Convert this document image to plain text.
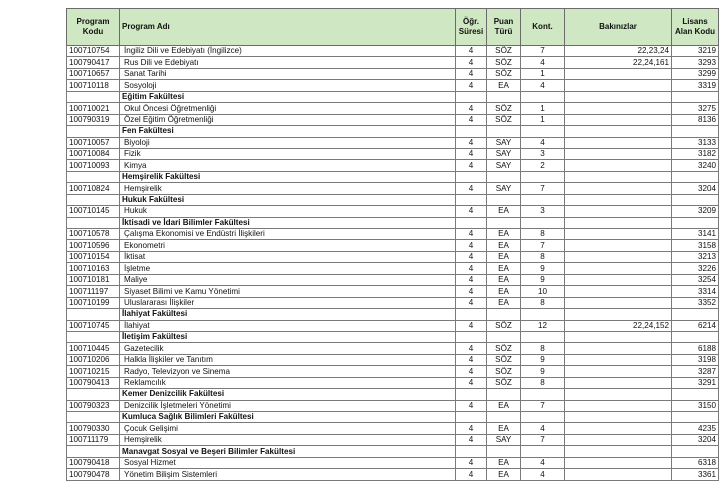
Program Kodu	Program Adı	Öğr. Süresi	Puan Türü	Kont.	Bakınızlar	Lisans Alan Kodu
100710754	İngiliz Dili ve Edebiyatı (İngilizce)	4	SÖZ	7	22,23,24	3219
100790417	Rus Dili ve Edebiyatı	4	SÖZ	4	22,24,161	3293
100710657	Sanat Tarihi	4	SÖZ	1		3299
100710118	Sosyoloji	4	EA	4		3319
	Eğitim Fakültesi					
100710021	Okul Öncesi Öğretmenliği	4	SÖZ	1		3275
100790319	Özel Eğitim Öğretmenliği	4	SÖZ	1		8136
	Fen Fakültesi					
100710057	Biyoloji	4	SAY	4		3133
100710084	Fizik	4	SAY	3		3182
100710093	Kimya	4	SAY	2		3240
	Hemşirelik Fakültesi					
100710824	Hemşirelik	4	SAY	7		3204
	Hukuk Fakültesi					
100710145	Hukuk	4	EA	3		3209
	İktisadi ve İdari Bilimler Fakültesi					
100710578	Çalışma Ekonomisi ve Endüstri İlişkileri	4	EA	8		3141
100710596	Ekonometri	4	EA	7		3158
100710154	İktisat	4	EA	8		3213
100710163	İşletme	4	EA	9		3226
100710181	Maliye	4	EA	9		3254
100711197	Siyaset Bilimi ve Kamu Yönetimi	4	EA	10		3314
100710199	Uluslararası İlişkiler	4	EA	8		3352
	İlahiyat Fakültesi					
100710745	İlahiyat	4	SÖZ	12	22,24,152	6214
	İletişim Fakültesi					
100710445	Gazetecilik	4	SÖZ	8		6188
100710206	Halkla İlişkiler ve Tanıtım	4	SÖZ	9		3198
100710215	Radyo, Televizyon ve Sinema	4	SÖZ	9		3287
100790413	Reklamcılık	4	SÖZ	8		3291
	Kemer Denizcilik Fakültesi					
100790323	Denizcilik İşletmeleri Yönetimi	4	EA	7		3150
	Kumluca Sağlık Bilimleri Fakültesi					
100790330	Çocuk Gelişimi	4	EA	4		4235
100711179	Hemşirelik	4	SAY	7		3204
	Manavgat Sosyal ve Beşeri Bilimler Fakültesi					
100790418	Sosyal Hizmet	4	EA	4		6318
100790478	Yönetim Bilişim Sistemleri	4	EA	4		3361
